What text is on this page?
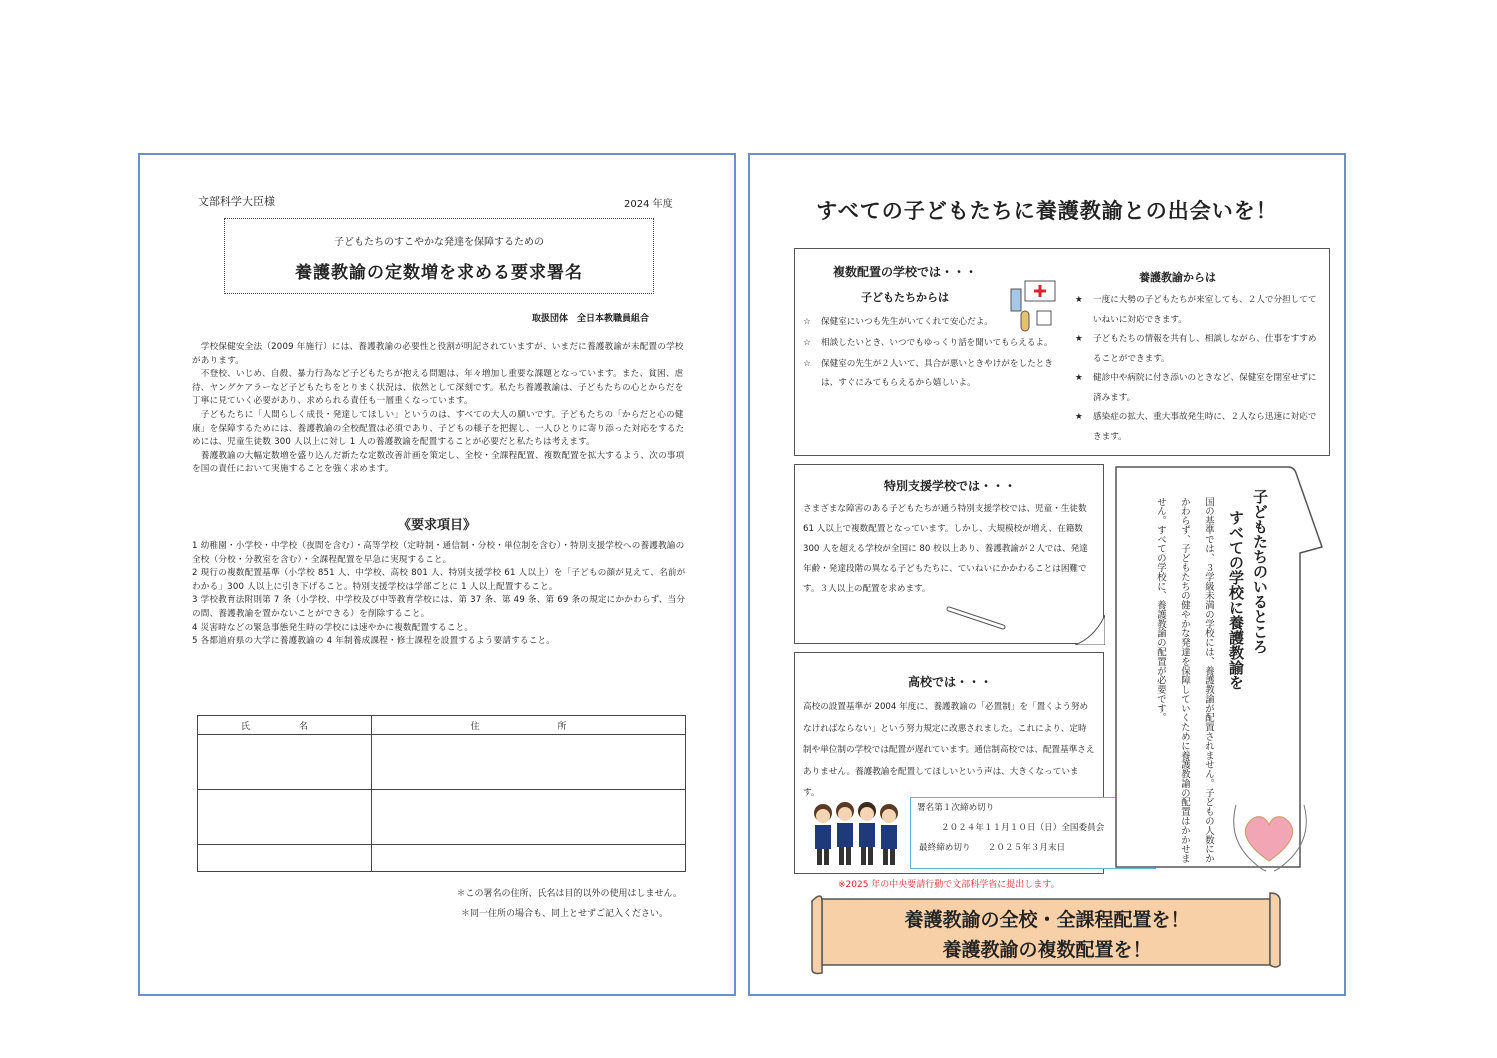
文部科学大臣様	2024 年度
子どもたちのすこやかな発達を保障するための
養護教諭の定数増を求める要求署名
取扱団体　全日本教職員組合

　学校保健安全法（2009 年施行）には、養護教諭の必要性と役割が明記されていますが、いまだに養護教諭が未配置の学校があります。

　不登校、いじめ、自殺、暴力行為など子どもたちが抱える問題は、年々増加し重要な課題となっています。また、貧困、虐待、ヤングケアラーなど子どもたちをとりまく状況は、依然として深刻です。私たち養護教諭は、子どもたちの心とからだを丁寧に見ていく必要があり、求められる責任も一層重くなっています。

　子どもたちに「人間らしく成長・発達してほしい」というのは、すべての大人の願いです。子どもたちの「からだと心の健康」を保障するためには、養護教諭の全校配置は必須であり、子どもの様子を把握し、一人ひとりに寄り添った対応をするためには、児童生徒数 300 人以上に対し 1 人の養護教諭を配置することが必要だと私たちは考えます。

　養護教諭の大幅定数増を盛り込んだ新たな定数改善計画を策定し、全校・全課程配置、複数配置を拡大するよう、次の事項を国の責任において実施することを強く求めます。

《要求項目》

1 幼稚園・小学校・中学校（夜間を含む）・高等学校（定時制・通信制・分校・単位制を含む）・特別支援学校への養護教諭の全校（分校・分教室を含む）・全課程配置を早急に実現すること。

2 現行の複数配置基準（小学校 851 人、中学校、高校 801 人、特別支援学校 61 人以上）を「子どもの顔が見えて、名前がわかる」300 人以上に引き下げること。特別支援学校は学部ごとに 1 人以上配置すること。

3 学校教育法附則第 7 条（小学校、中学校及び中等教育学校には、第 37 条、第 49 条、第 69 条の規定にかかわらず、当分の間、養護教諭を置かないことができる）を削除すること。

4 災害時などの緊急事態発生時の学校には速やかに複数配置すること。

5 各都道府県の大学に養護教諭の 4 年制養成課程・修士課程を設置するよう要請すること。

氏　名	住　　所

＊この署名の住所、氏名は目的以外の使用はしません。
＊同一住所の場合も、同上とせずご記入ください。
すべての子どもたちに養護教諭との出会いを！
複数配置の学校では・・・
子どもたちからは
☆	保健室にいつも先生がいてくれて安心だよ。
☆	相談したいとき、いつでもゆっくり話を聞いてもらえるよ。
☆	保健室の先生が２人いて、具合が悪いときやけがをしたときは、すぐにみてもらえるから嬉しいよ。
養護教諭からは
★	一度に大勢の子どもたちが来室しても、２人で分担してていねいに対応できます。
★	子どもたちの情報を共有し、相談しながら、仕事をすすめることができます。
★	健診中や病院に付き添いのときなど、保健室を閉室せずに済みます。
★	感染症の拡大、重大事故発生時に、２人なら迅速に対応できます。
特別支援学校では・・・
さまざまな障害のある子どもたちが通う特別支援学校では、児童・生徒数 61 人以上で複数配置となっています。しかし、大規模校が増え、在籍数 300 人を超える学校が全国に 80 校以上あり、養護教諭が２人では、発達年齢・発達段階の異なる子どもたちに、ていねいにかかわることは困難です。３人以上の配置を求めます。
高校では・・・
高校の設置基準が 2004 年度に、養護教諭の「必置制」を「置くよう努めなければならない」という努力規定に改悪されました。これにより、定時制や単位制の学校では配置が遅れています。通信制高校では、配置基準さえありません。養護教諭を配置してほしいという声は、大きくなっています。
署名第１次締め切り
２０２４年１１月１０日（日）全国委員会
最終締め切り　　２０２５年３月末日
子どもたちのいるところ
すべての学校に養護教諭を
国の基準では、３学級未満の学校には、養護教諭が配置されません。子どもの人数にかかわらず、子どもたちの健やかな発達を保障していくために養護教諭の配置はかかせません。すべての学校に、養護教諭の配置が必要です。
※2025 年の中央要請行動で文部科学省に提出します。
養護教諭の全校・全課程配置を！
養護教諭の複数配置を！
